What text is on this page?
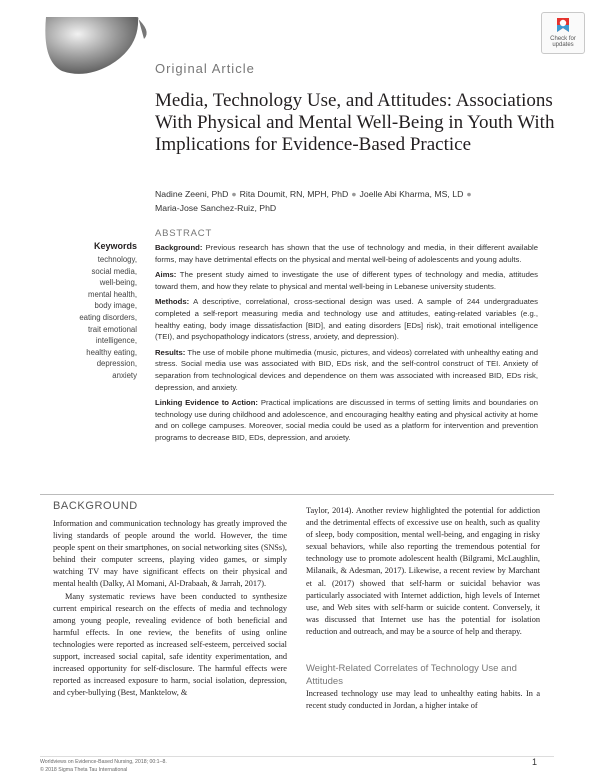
Check for updates
Original Article
Media, Technology Use, and Attitudes: Associations With Physical and Mental Well-Being in Youth With Implications for Evidence-Based Practice
Nadine Zeeni, PhD ● Rita Doumit, RN, MPH, PhD ● Joelle Abi Kharma, MS, LD ●
Maria-Jose Sanchez-Ruiz, PhD
Keywords
technology,
social media,
well-being,
mental health,
body image,
eating disorders,
trait emotional
intelligence,
healthy eating,
depression,
anxiety
ABSTRACT

Background: Previous research has shown that the use of technology and media, in their different available forms, may have detrimental effects on the physical and mental well-being of adolescents and young adults.

Aims: The present study aimed to investigate the use of different types of technology and media, attitudes toward them, and how they relate to physical and mental well-being in Lebanese university students.

Methods: A descriptive, correlational, cross-sectional design was used. A sample of 244 undergraduates completed a self-report measuring media and technology use and attitudes, eating-related variables (e.g., healthy eating, body image dissatisfaction [BID], and eating disorders [EDs] risk), trait emotional intelligence (TEI), and psychopathology indicators (stress, anxiety, and depression).

Results: The use of mobile phone multimedia (music, pictures, and videos) correlated with unhealthy eating and stress. Social media use was associated with BID, EDs risk, and the self-control construct of TEI. Anxiety of separation from technological devices and dependence on them was associated with increased BID, EDs risk, depression, and anxiety.

Linking Evidence to Action: Practical implications are discussed in terms of setting limits and boundaries on technology use during childhood and adolescence, and encouraging healthy eating and physical activity at home and on college campuses. Moreover, social media could be used as a platform for intervention and prevention programs to decrease BID, EDs, depression, and anxiety.

BACKGROUND

Information and communication technology has greatly improved the living standards of people around the world. However, the time people spent on their smartphones, on social networking sites (SNSs), behind their computer screens, playing video games, or simply watching TV may have significant effects on their physical and mental health (Dalky, Al Momani, Al-Drabaah, & Jarrah, 2017).

Many systematic reviews have been conducted to synthesize current empirical research on the effects of media and technology among young people, revealing evidence of both beneficial and harmful effects. In one review, the benefits of using online technologies were reported as increased self-esteem, perceived social support, increased social capital, safe identity experimentation, and increased opportunity for self-disclosure. The harmful effects were reported as increased exposure to harm, social isolation, depression, and cyber-bullying (Best, Manktelow, &

Taylor, 2014). Another review highlighted the potential for addiction and the detrimental effects of excessive use on health, such as quality of sleep, body composition, mental well-being, and engaging in risky sexual behaviors, while also reporting the tremendous potential for technology use to promote adolescent health (Bilgrami, McLaughlin, Milanaik, & Adesman, 2017). Likewise, a recent review by Marchant et al. (2017) showed that self-harm or suicidal behavior was particularly associated with Internet addiction, high levels of Internet use, and Web sites with self-harm or suicide content. Conversely, it was discussed that Internet use has the potential for isolation reduction and outreach, and may be a source of help and therapy.

Weight-Related Correlates of Technology Use and Attitudes

Increased technology use may lead to unhealthy eating habits. In a recent study conducted in Jordan, a higher intake of

Worldviews on Evidence-Based Nursing, 2018; 00:1–8.
© 2018 Sigma Theta Tau International
1
